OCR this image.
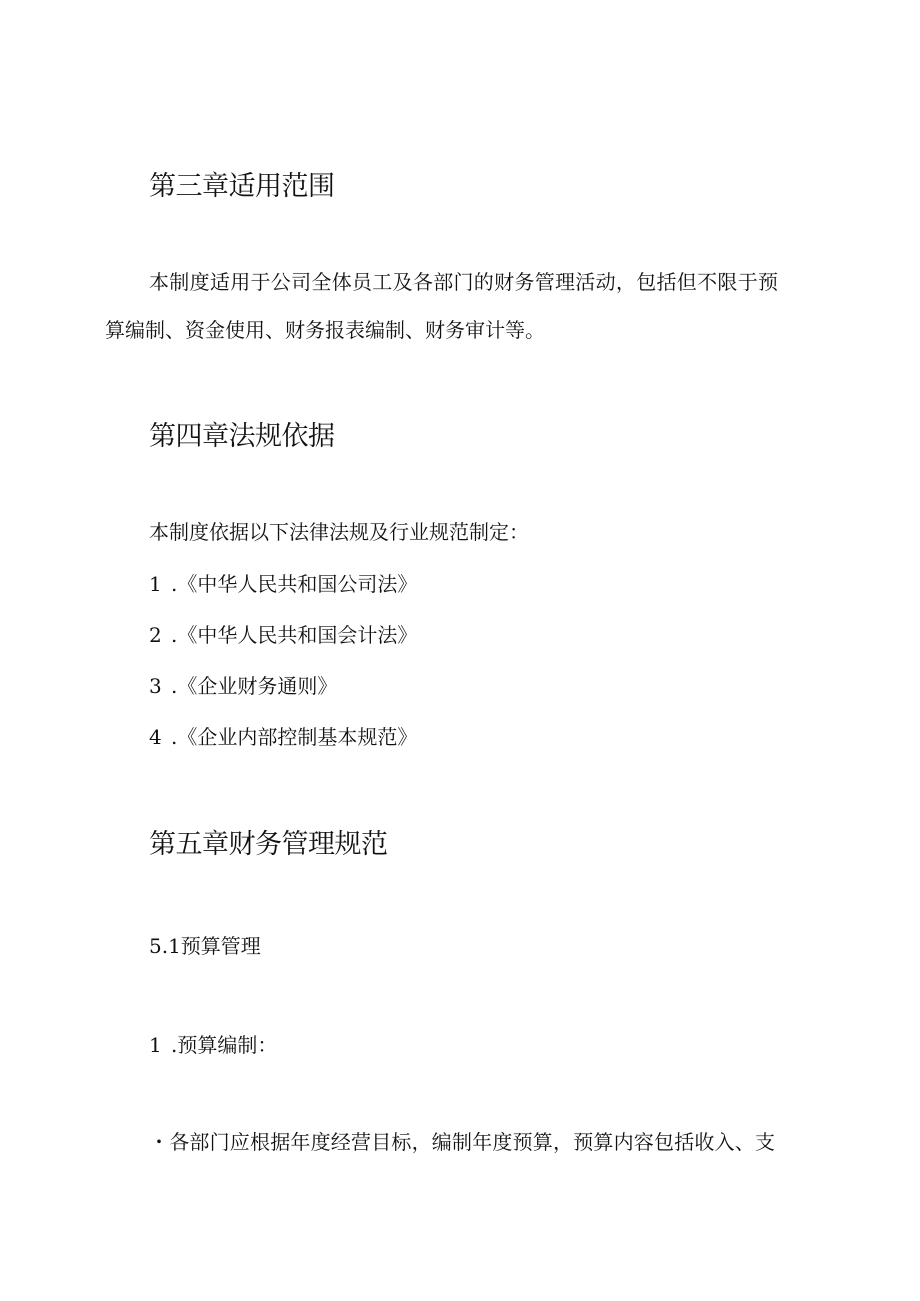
第三章适用范围

本制度适用于公司全体员工及各部门的财务管理活动，包括但不限于预

算编制、资金使用、财务报表编制、财务审计等。

第四章法规依据

本制度依据以下法律法规及行业规范制定：

1 .《中华人民共和国公司法》

2 .《中华人民共和国会计法》

3 .《企业财务通则》

4 .《企业内部控制基本规范》

第五章财务管理规范

5.1预算管理

1 .预算编制：

・各部门应根据年度经营目标，编制年度预算，预算内容包括收入、支
